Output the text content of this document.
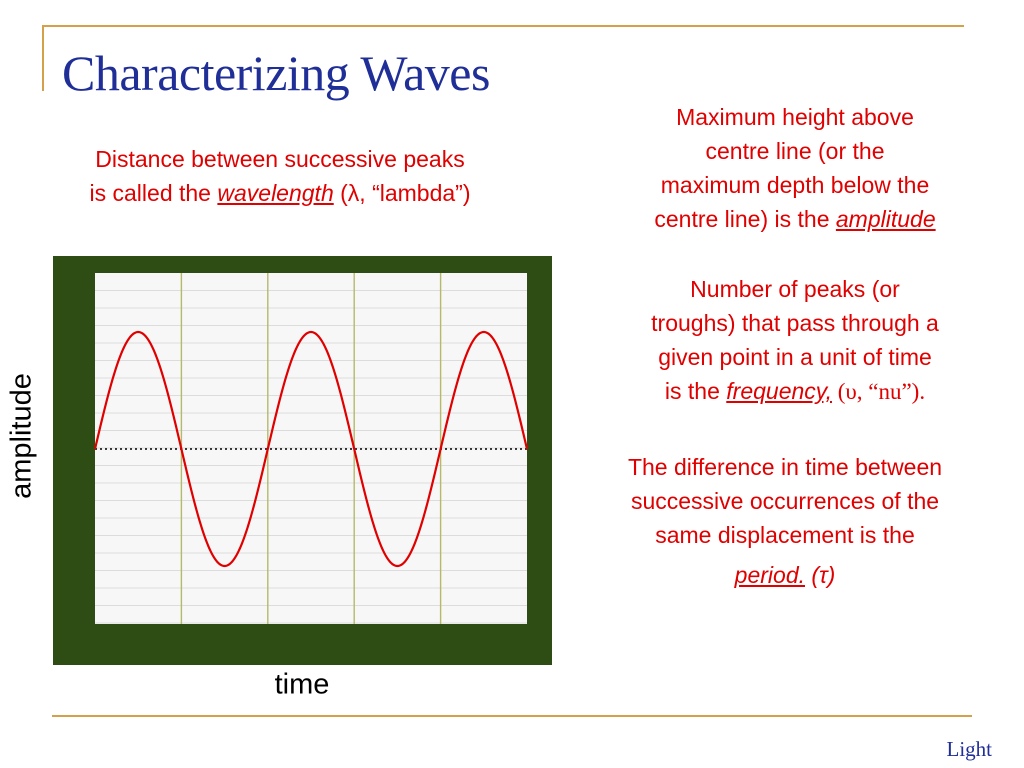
Characterizing Waves
Distance between successive peaks
is called the wavelength (λ, “lambda”)
Maximum height above
centre line (or the
maximum depth below the
centre line) is the amplitude
Number of peaks (or
troughs) that pass through a
given point in a unit of time
is the frequency, (υ, “nu”).
The difference in time between
successive occurrences of the
same displacement is the
period. (τ)
amplitude
time
Light
